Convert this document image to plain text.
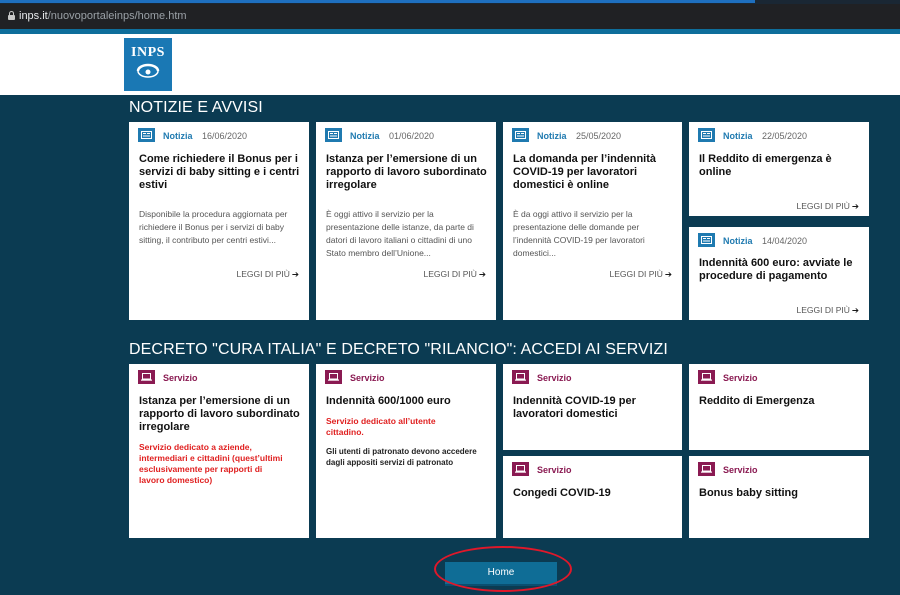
inps.it/nuovoportaleinps/home.htm
INPS
NOTIZIE E AVVISI
Notizia 16/06/2020
Come richiedere il Bonus per i
servizi di baby sitting e i centri
estivi
Disponibile la procedura aggiornata per
richiedere il Bonus per i servizi di baby
sitting, il contributo per centri estivi...
LEGGI DI PIÙ ➔
Notizia 01/06/2020
Istanza per l’emersione di un
rapporto di lavoro subordinato
irregolare
È oggi attivo il servizio per la
presentazione delle istanze, da parte di
datori di lavoro italiani o cittadini di uno
Stato membro dell’Unione...
LEGGI DI PIÙ ➔
Notizia 25/05/2020
La domanda per l’indennità
COVID-19 per lavoratori
domestici è online
È da oggi attivo il servizio per la
presentazione delle domande per
l’indennità COVID-19 per lavoratori
domestici...
LEGGI DI PIÙ ➔
Notizia 22/05/2020
Il Reddito di emergenza è
online
LEGGI DI PIÙ ➔
Notizia 14/04/2020
Indennità 600 euro: avviate le
procedure di pagamento
LEGGI DI PIÙ ➔
DECRETO "CURA ITALIA" E DECRETO "RILANCIO": ACCEDI AI SERVIZI
Servizio
Istanza per l’emersione di un
rapporto di lavoro subordinato
irregolare
Servizio dedicato a aziende,
intermediari e cittadini (quest’ultimi
esclusivamente per rapporti di
lavoro domestico)
Servizio
Indennità 600/1000 euro
Servizio dedicato all’utente
cittadino.
Gli utenti di patronato devono accedere
dagli appositi servizi di patronato
Servizio
Indennità COVID-19 per
lavoratori domestici
Servizio
Reddito di Emergenza
Servizio
Congedi COVID-19
Servizio
Bonus baby sitting
Home
